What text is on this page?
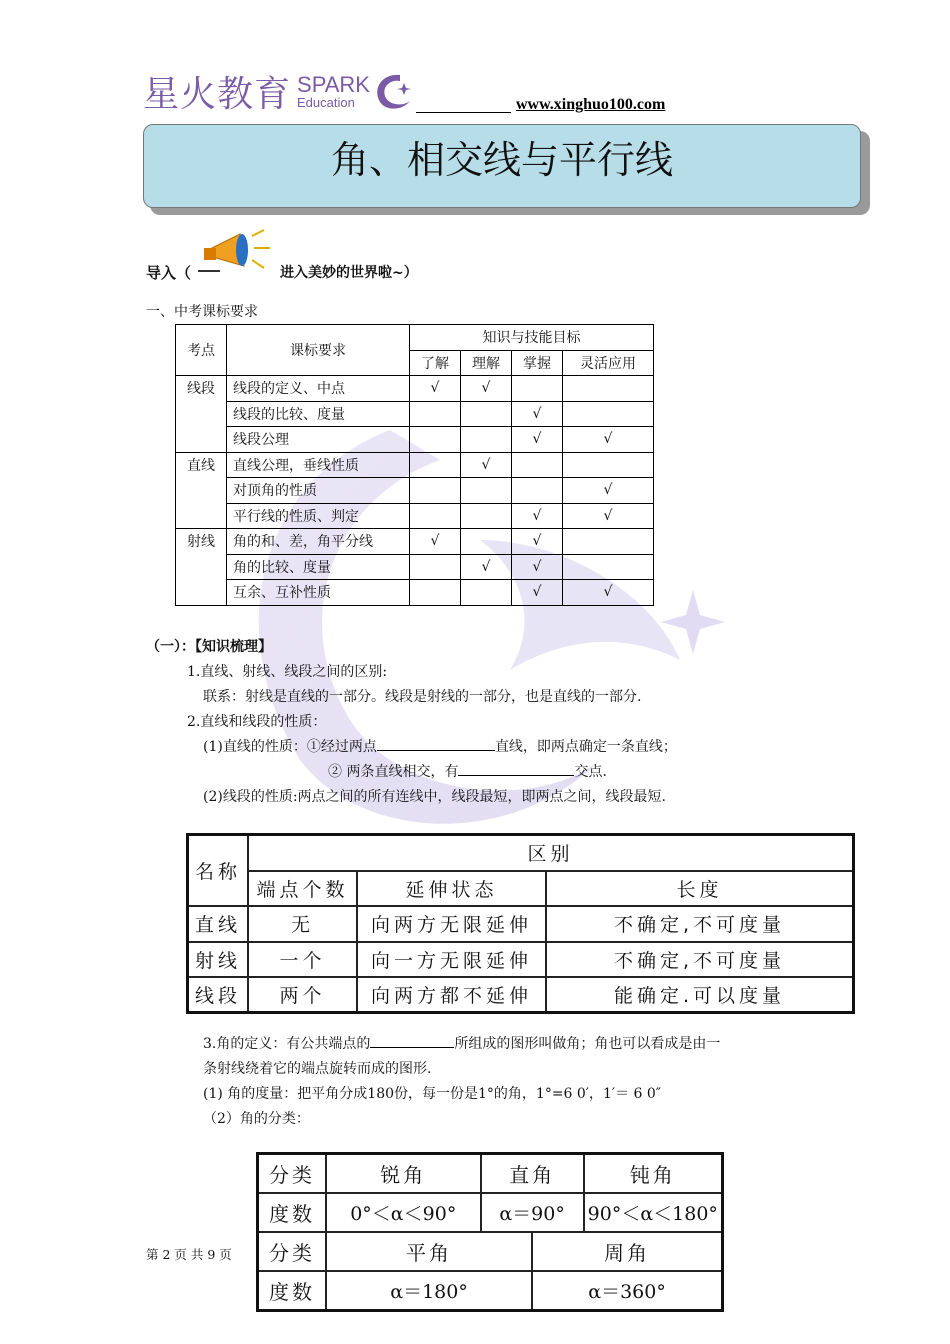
星火教育 SPARK
Education	www.xinghuo100.com
角、相交线与平行线
导入（	进入美妙的世界啦~）
一、中考课标要求
考点	课标要求	知识与技能目标			
		了解	理解	掌握	灵活应用
线段	线段的定义、中点	√	√		
	线段的比较、度量			√	
	线段公理			√	√
直线	直线公理，垂线性质		√		
	对顶角的性质				√
	平行线的性质、判定			√	√
射线	角的和、差，角平分线	√		√	
	角的比较、度量		√	√	
	互余、互补性质			√	√
（一）：【知识梳理】
1.直线、射线、线段之间的区别:
联系：射线是直线的一部分。线段是射线的一部分，也是直线的一部分.
2.直线和线段的性质：
(1)直线的性质：①经过两点	直线，即两点确定一条直线；
② 两条直线相交，有	交点.
(2)线段的性质:两点之间的所有连线中，线段最短，即两点之间，线段最短.
名称	区别		
	端点个数	延伸状态	长度
直线	无	向两方无限延伸	不确定,不可度量
射线	一个	向一方无限延伸	不确定,不可度量
线段	两个	向两方都不延伸	能确定.可以度量
3.角的定义：有公共端点的	所组成的图形叫做角；角也可以看成是由一
条射线绕着它的端点旋转而成的图形.
(1) 角的度量：把平角分成180份，每一份是1°的角，1°=6 0′，1′＝ 6 0″
（2）角的分类：
分类	锐角	直角		钝角
度数	0°＜α＜90°	α＝90°		90°＜α＜180°
分类	平角		周角	
度数	α＝180°		α＝360°	
第 2 页 共 9 页
